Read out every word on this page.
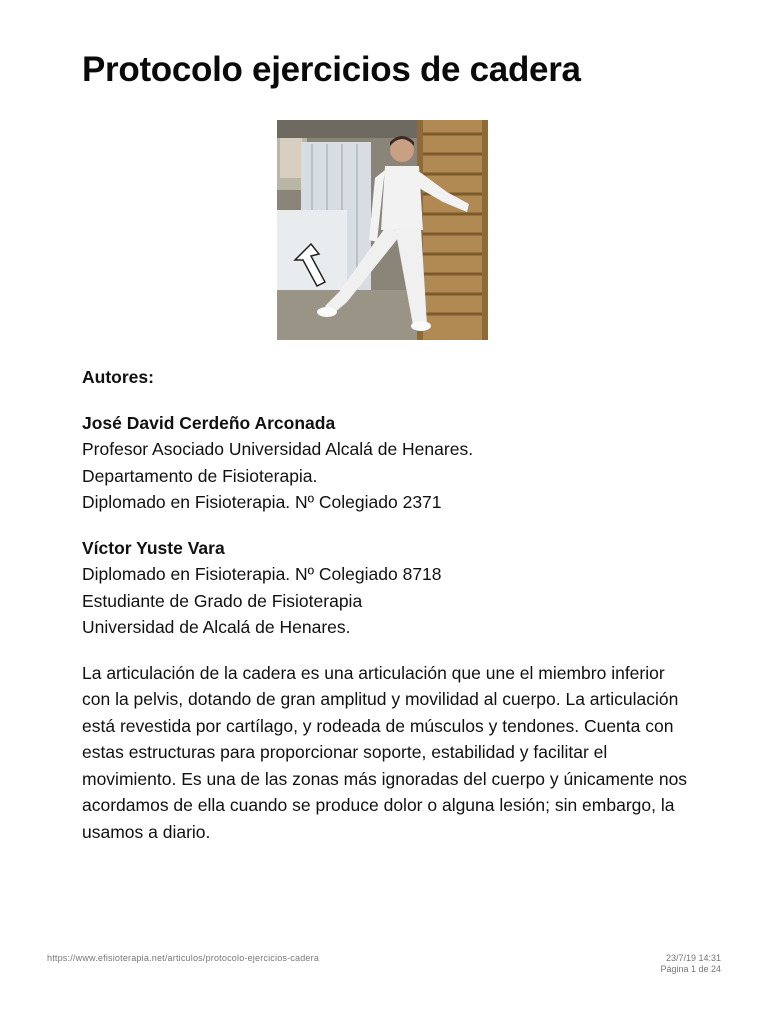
Protocolo ejercicios de cadera

Autores:

José David Cerdeño Arconada
Profesor Asociado Universidad Alcalá de Henares.
Departamento de Fisioterapia.
Diplomado en Fisioterapia. Nº Colegiado 2371

Víctor Yuste Vara
Diplomado en Fisioterapia. Nº Colegiado 8718
Estudiante de Grado de Fisioterapia
Universidad de Alcalá de Henares.

La articulación de la cadera es una articulación que une el miembro inferior con la pelvis, dotando de gran amplitud y movilidad al cuerpo. La articulación está revestida por cartílago, y rodeada de músculos y tendones. Cuenta con estas estructuras para proporcionar soporte, estabilidad y facilitar el movimiento. Es una de las zonas más ignoradas del cuerpo y únicamente nos acordamos de ella cuando se produce dolor o alguna lesión; sin embargo, la usamos a diario.

https://www.efisioterapia.net/articulos/protocolo-ejercicios-cadera	23/7/19 14:31
Página 1 de 24
